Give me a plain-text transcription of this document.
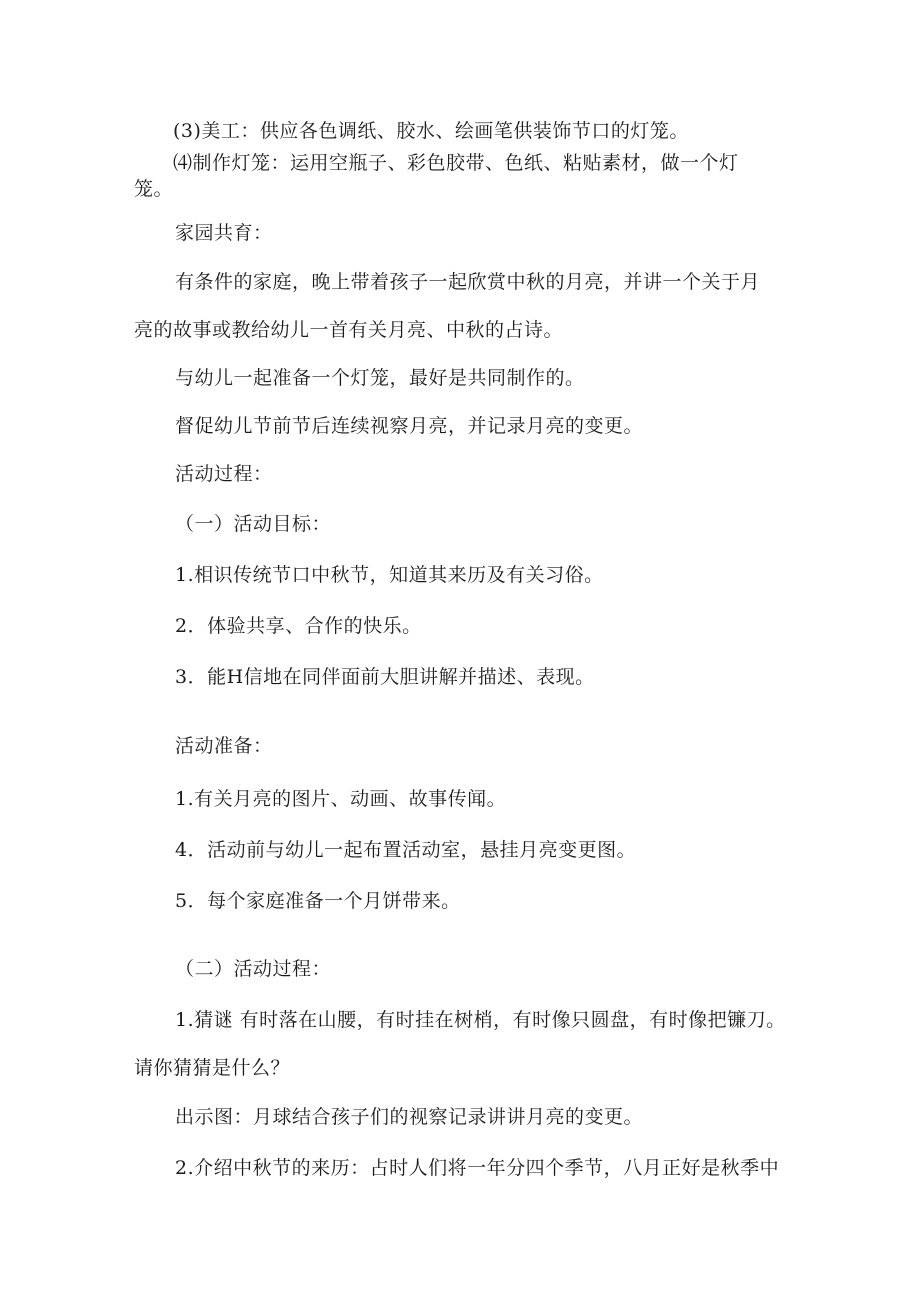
(3)美工：供应各色调纸、胶水、绘画笔供装饰节口的灯笼。
⑷制作灯笼：运用空瓶子、彩色胶带、色纸、粘贴素材，做一个灯
笼。
家园共育：
有条件的家庭，晚上带着孩子一起欣赏中秋的月亮，并讲一个关于月
亮的故事或教给幼儿一首有关月亮、中秋的占诗。
与幼儿一起准备一个灯笼，最好是共同制作的。
督促幼儿节前节后连续视察月亮，并记录月亮的变更。
活动过程：
（一）活动目标：
1.相识传统节口中秋节，知道其来历及有关习俗。
2．体验共享、合作的快乐。
3．能H信地在同伴面前大胆讲解并描述、表现。
活动准备：
1.有关月亮的图片、动画、故事传闻。
4．活动前与幼儿一起布置活动室，悬挂月亮变更图。
5．每个家庭准备一个月饼带来。
（二）活动过程：
1.猜谜 有时落在山腰，有时挂在树梢，有时像只圆盘，有时像把镰刀。
请你猜猜是什么？
出示图：月球结合孩子们的视察记录讲讲月亮的变更。
2.介绍中秋节的来历：占时人们将一年分四个季节，八月正好是秋季中
